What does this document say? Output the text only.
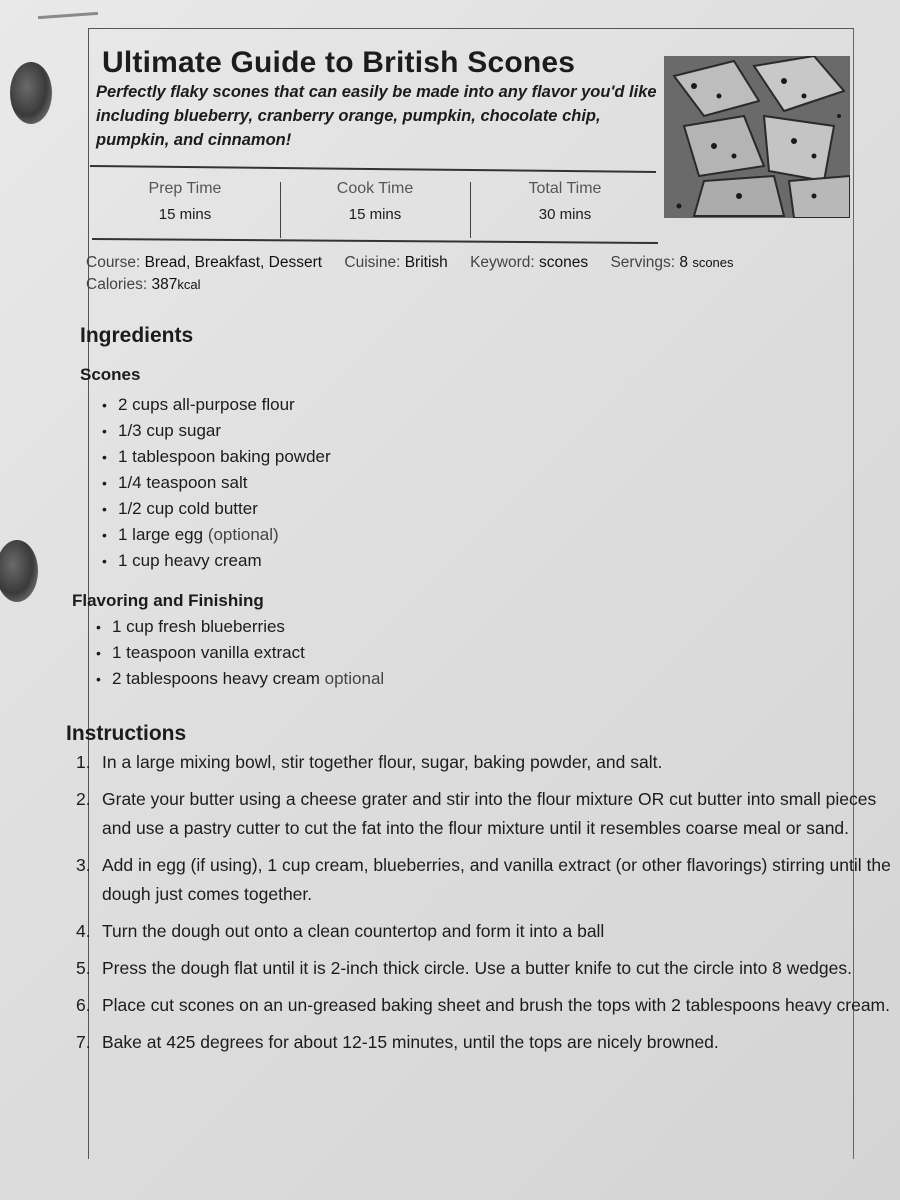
Ultimate Guide to British Scones

Perfectly flaky scones that can easily be made into any flavor you'd like including blueberry, cranberry orange, pumpkin, chocolate chip, pumpkin, and cinnamon!

Prep Time
15 mins
Cook Time
15 mins
Total Time
30 mins
Course: Bread, Breakfast, Dessert Cuisine: British Keyword: scones Servings: 8 scones
Calories: 387kcal
Ingredients
Scones
• 2 cups all-purpose flour
• 1/3 cup sugar
• 1 tablespoon baking powder
• 1/4 teaspoon salt
• 1/2 cup cold butter
• 1 large egg (optional)
• 1 cup heavy cream
Flavoring and Finishing
• 1 cup fresh blueberries
• 1 teaspoon vanilla extract
• 2 tablespoons heavy cream optional
Instructions
1. In a large mixing bowl, stir together flour, sugar, baking powder, and salt.
2. Grate your butter using a cheese grater and stir into the flour mixture OR cut butter into small pieces and use a pastry cutter to cut the fat into the flour mixture until it resembles coarse meal or sand.
3. Add in egg (if using), 1 cup cream, blueberries, and vanilla extract (or other flavorings) stirring until the dough just comes together.
4. Turn the dough out onto a clean countertop and form it into a ball
5. Press the dough flat until it is 2-inch thick circle. Use a butter knife to cut the circle into 8 wedges.
6. Place cut scones on an un-greased baking sheet and brush the tops with 2 tablespoons heavy cream.
7. Bake at 425 degrees for about 12-15 minutes, until the tops are nicely browned.
